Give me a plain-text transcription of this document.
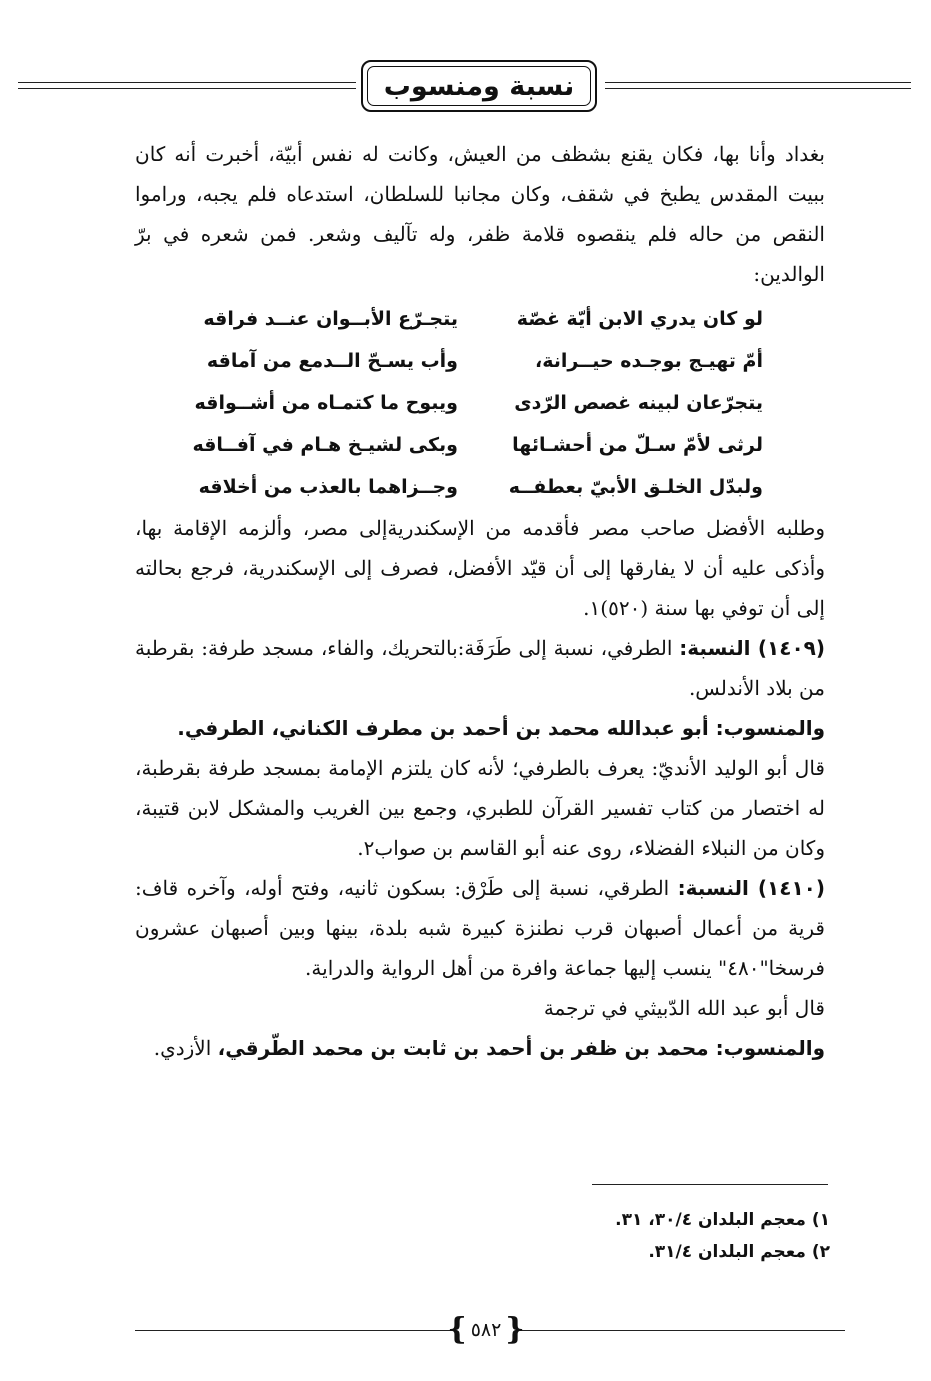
نسبة ومنسوب

بغداد وأنا بها، فكان يقنع بشظف من العيش، وكانت له نفس أبيّة، أخبرت أنه كان ببيت المقدس يطبخ في شقف، وكان مجانبا للسلطان، استدعاه فلم يجبه، وراموا النقص من حاله فلم ينقصوه قلامة ظفر، وله تآليف وشعر. فمن شعره في برّ الوالدين:

لو كان يدري الابن أيّة غصّة
يتجـرّع الأبــوان عنــد فراقه
أمّ تهيـج بوجـده حيــرانة،
وأب يسـحّ الــدمع من آماقه
يتجرّعان لبينه غصص الرّدى
ويبوح ما كتمـاه من أشــواقه
لرثى لأمّ سـلّ من أحشـائها
وبكى لشيـخ هـام في آفــاقه
ولبدّل الخلـق الأبيّ بعطفــه
وجــزاهما بالعذب من أخلاقه

وطلبه الأفضل صاحب مصر فأقدمه من الإسكندريةإلى مصر، وألزمه الإقامة بها، وأذكى عليه أن لا يفارقها إلى أن قيّد الأفضل، فصرف إلى الإسكندرية، فرجع بحالته إلى أن توفي بها سنة (٥٢٠)١.

(١٤٠٩) النسبة: الطرفي، نسبة إلى طَرَفَة:بالتحريك، والفاء، مسجد طرفة: بقرطبة من بلاد الأندلس.

والمنسوب: أبو عبدالله محمد بن أحمد بن مطرف الكناني، الطرفي.

قال أبو الوليد الأنديّ: يعرف بالطرفي؛ لأنه كان يلتزم الإمامة بمسجد طرفة بقرطبة، له اختصار من كتاب تفسير القرآن للطبري، وجمع بين الغريب والمشكل لابن قتيبة، وكان من النبلاء الفضلاء، روى عنه أبو القاسم بن صواب٢.

(١٤١٠) النسبة: الطرقي، نسبة إلى طَرْق: بسكون ثانيه، وفتح أوله، وآخره قاف: قرية من أعمال أصبهان قرب نطنزة كبيرة شبه بلدة، بينها وبين أصبهان عشرون فرسخا"٤٨٠" ينسب إليها جماعة وافرة من أهل الرواية والدراية.

قال أبو عبد الله الدّبيثي في ترجمة

والمنسوب: محمد بن ظفر بن أحمد بن ثابت بن محمد الطّرقي، الأزدي.

١) معجم البلدان ٣٠/٤، ٣١.
٢) معجم البلدان ٣١/٤.
{ ٥٨٢ }
